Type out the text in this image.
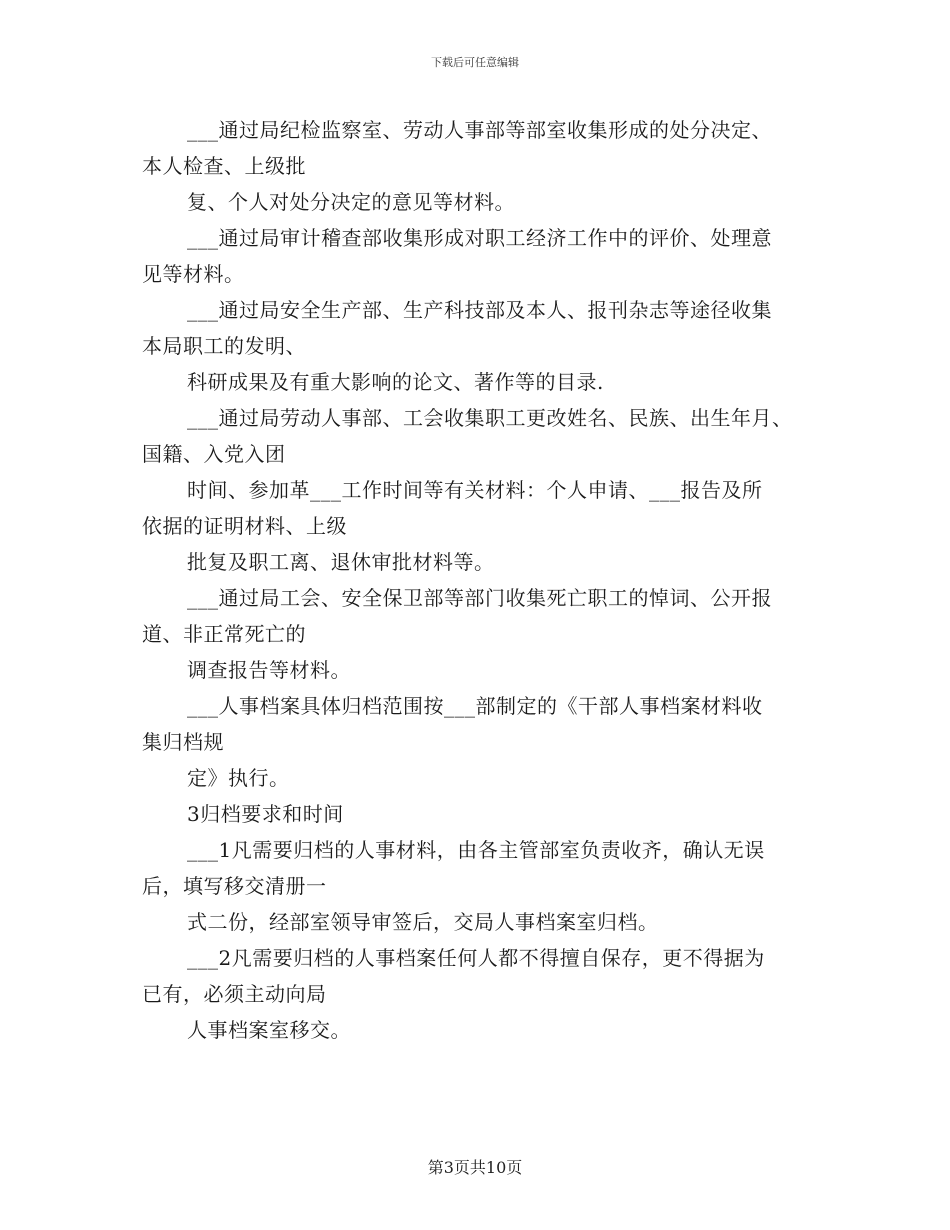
下载后可任意编辑
___通过局纪检监察室、劳动人事部等部室收集形成的处分决定、
本人检查、上级批
复、个人对处分决定的意见等材料。
___通过局审计稽查部收集形成对职工经济工作中的评价、处理意
见等材料。
___通过局安全生产部、生产科技部及本人、报刊杂志等途径收集
本局职工的发明、
科研成果及有重大影响的论文、著作等的目录.
___通过局劳动人事部、工会收集职工更改姓名、民族、出生年月、
国籍、入党入团
时间、参加革___工作时间等有关材料：个人申请、___报告及所
依据的证明材料、上级
批复及职工离、退休审批材料等。
___通过局工会、安全保卫部等部门收集死亡职工的悼词、公开报
道、非正常死亡的
调查报告等材料。
___人事档案具体归档范围按___部制定的《干部人事档案材料收
集归档规
定》执行。
3归档要求和时间
___1凡需要归档的人事材料，由各主管部室负责收齐，确认无误
后，填写移交清册一
式二份，经部室领导审签后，交局人事档案室归档。
___2凡需要归档的人事档案任何人都不得擅自保存，更不得据为
已有，必须主动向局
人事档案室移交。
第3页共10页
